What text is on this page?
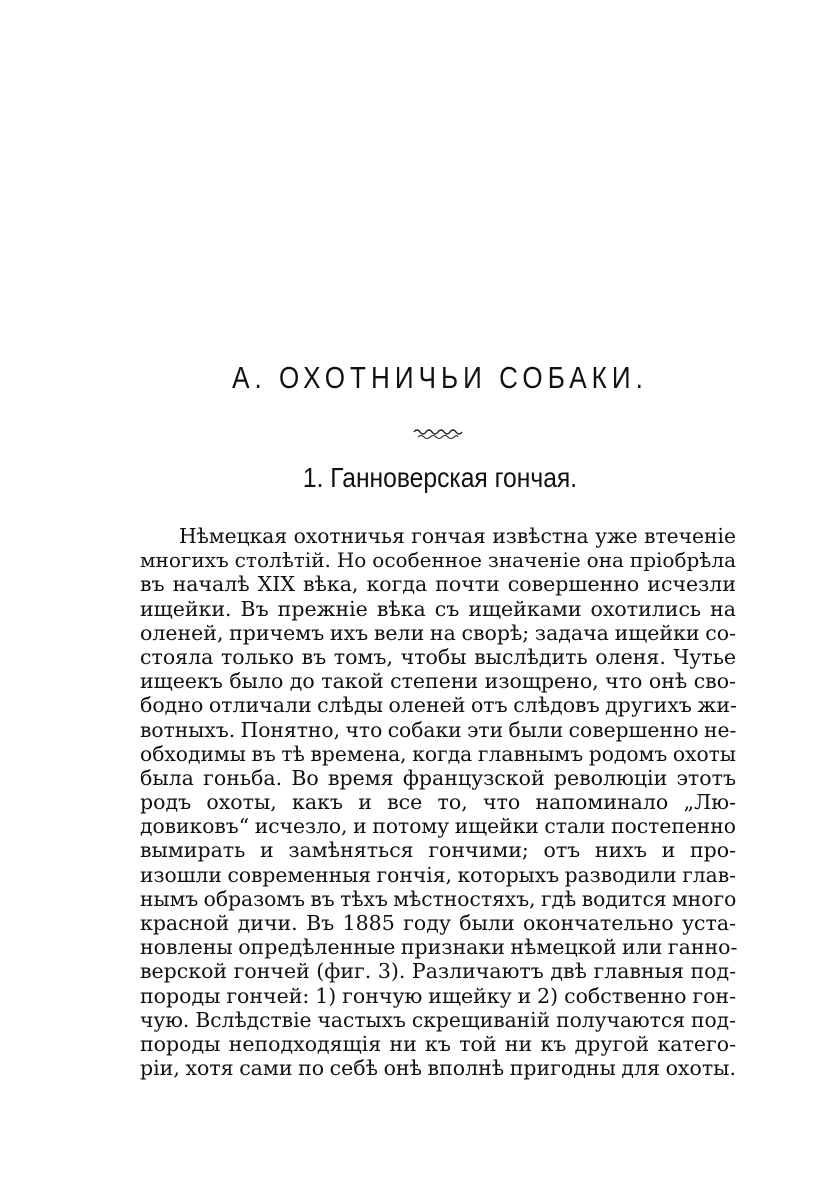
А. ОХОТНИЧЬИ СОБАКИ.
1. Ганноверская гончая.
Нѣмецкая охотничья гончая извѣстна уже втеченіе
многихъ столѣтій. Но особенное значеніе она пріобрѣла
въ началѣ XIX вѣка, когда почти совершенно исчезли
ищейки. Въ прежніе вѣка съ ищейками охотились на
оленей, причемъ ихъ вели на сворѣ; задача ищейки со-
стояла только въ томъ, чтобы выслѣдить оленя. Чутье
ищеекъ было до такой степени изощрено, что онѣ сво-
бодно отличали слѣды оленей отъ слѣдовъ другихъ жи-
вотныхъ. Понятно, что собаки эти были совершенно не-
обходимы въ тѣ времена, когда главнымъ родомъ охоты
была гоньба. Во время французской революціи этотъ
родъ охоты, какъ и все то, что напоминало „Лю-
довиковъ“ исчезло, и потому ищейки стали постепенно
вымирать и замѣняться гончими; отъ нихъ и про-
изошли современныя гончія, которыхъ разводили глав-
нымъ образомъ въ тѣхъ мѣстностяхъ, гдѣ водится много
красной дичи. Въ 1885 году были окончательно уста-
новлены опредѣленные признаки нѣмецкой или ганно-
верской гончей (фиг. 3). Различаютъ двѣ главныя под-
породы гончей: 1) гончую ищейку и 2) собственно гон-
чую. Вслѣдствіе частыхъ скрещиваній получаются под-
породы неподходящія ни къ той ни къ другой катего-
ріи, хотя сами по себѣ онѣ вполнѣ пригодны для охоты.
